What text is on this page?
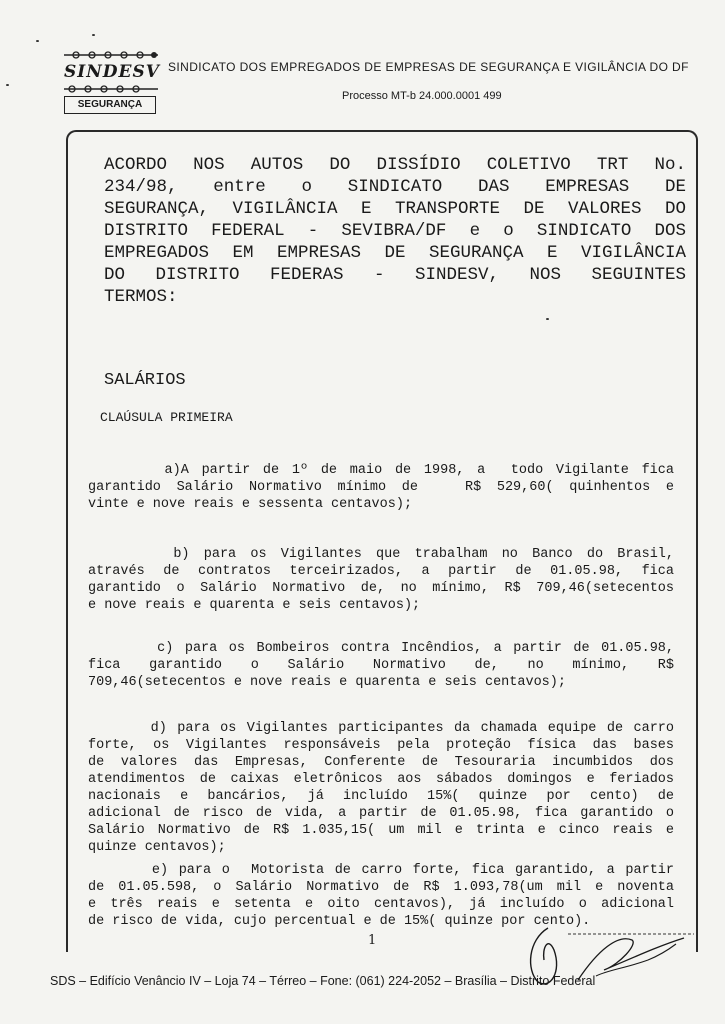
SINDESV
SEGURANÇA
SINDICATO DOS EMPREGADOS DE EMPRESAS DE SEGURANÇA E VIGILÂNCIA DO DF
Processo MT-b 24.000.0001 499
ACORDO NOS AUTOS DO DISSÍDIO COLETIVO TRT No.
234/98, entre o SINDICATO DAS EMPRESAS DE
SEGURANÇA, VIGILÂNCIA E TRANSPORTE DE VALORES DO
DISTRITO FEDERAL - SEVIBRA/DF e o SINDICATO DOS
EMPREGADOS EM EMPRESAS DE SEGURANÇA E VIGILÂNCIA
DO DISTRITO FEDERAS - SINDESV, NOS SEGUINTES
TERMOS:
SALÁRIOS
CLAÚSULA PRIMEIRA
a)A partir de 1º de maio de 1998, a  todo Vigilante fica
garantido Salário Normativo mínimo de   R$ 529,60( quinhentos e
vinte e nove reais e sessenta centavos);
b) para os Vigilantes que trabalham no Banco do Brasil,
através de contratos terceirizados, a partir de 01.05.98, fica
garantido o Salário Normativo de, no mínimo, R$ 709,46(setecentos
e nove reais e quarenta e seis centavos);
c) para os Bombeiros contra Incêndios, a partir de 01.05.98,
fica  garantido  o  Salário  Normativo  de,  no  mínimo,  R$
709,46(setecentos e nove reais e quarenta e seis centavos);
d) para os Vigilantes participantes da chamada equipe de carro
forte, os Vigilantes responsáveis pela proteção física das bases
de valores das Empresas, Conferente de Tesouraria incumbidos dos
atendimentos de caixas eletrônicos aos sábados domingos e feriados
nacionais e bancários, já incluído 15%( quinze por cento) de
adicional de risco de vida, a partir de 01.05.98, fica garantido o
Salário Normativo de R$ 1.035,15( um mil e trinta e cinco reais e
quinze centavos);
e) para o  Motorista de carro forte, fica garantido, a partir
de 01.05.598, o Salário Normativo de R$ 1.093,78(um mil e noventa
e três reais e setenta e oito centavos), já incluído o adicional
de risco de vida, cujo percentual e de 15%( quinze por cento).
1
SDS – Edifício Venâncio IV – Loja 74 – Térreo – Fone: (061) 224-2052 – Brasília – Distrito Federal
